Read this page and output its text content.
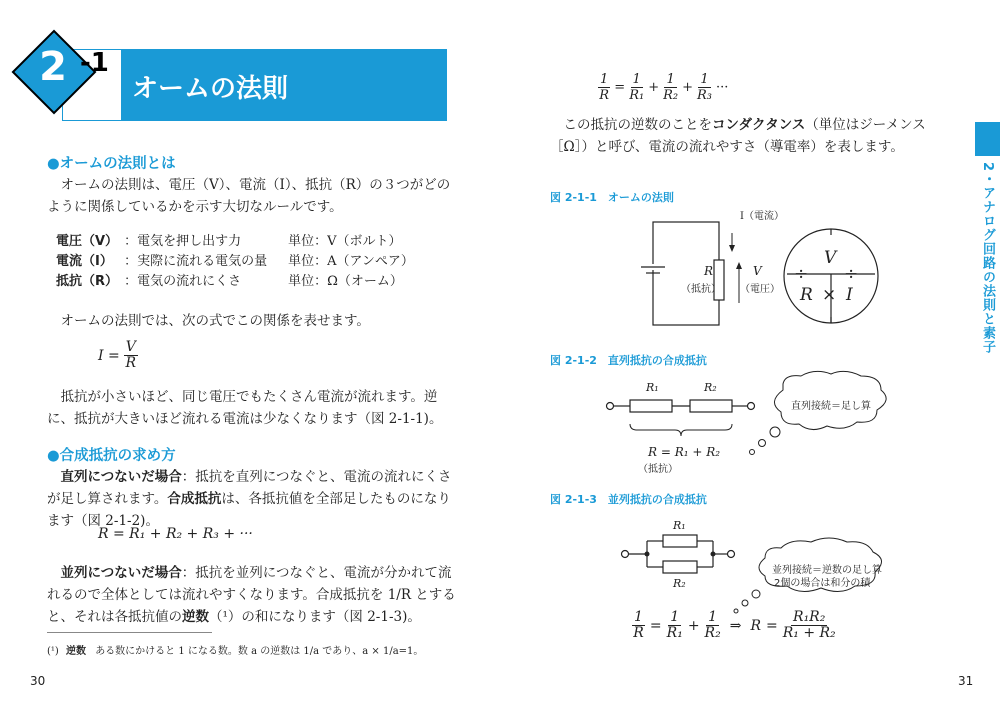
2 -1
オームの法則
●オームの法則とは
オームの法則は、電圧（V）、電流（I）、抵抗（R）の３つがどのように関係しているかを示す大切なルールです。
電圧（V）	：電気を押し出す力	単位：V（ボルト）
電流（I）	：実際に流れる電気の量	単位：A（アンペア）
抵抗（R）	：電気の流れにくさ	単位：Ω（オーム）
オームの法則では、次の式でこの関係を表せます。
$I = \frac{V}{R}$
抵抗が小さいほど、同じ電圧でもたくさん電流が流れます。逆に、抵抗が大きいほど流れる電流は少なくなります（図 2-1-1)。
●合成抵抗の求め方
直列につないだ場合：抵抗を直列につなぐと、電流の流れにくさが足し算されます。合成抵抗は、各抵抗値を全部足したものになります（図 2-1-2)。
R = R₁ + R₂ + R₃ + ···
並列につないだ場合：抵抗を並列につなぐと、電流が分かれて流れるので全体としては流れやすくなります。合成抵抗を 1/R とすると、それは各抵抗値の逆数（¹）の和になります（図 2-1-3)。
(¹) 逆数 ある数にかけると 1 になる数。数 a の逆数は 1/a であり、a × 1/a=1。
30
$\frac{1}{R} = \frac{1}{\text{R₁}} + \frac{1}{\text{R₂}} + \frac{1}{\text{R₃}}$ ···
この抵抗の逆数のことをコンダクタンス（単位はジーメンス［Ω］）と呼び、電流の流れやすさ（導電率）を表します。
2・アナログ回路の法則と素子
図 2-1-1　オームの法則
I（電流）
R
（抵抗）
V
（電圧）
V
R × I
÷ ÷
図 2-1-2　直列抵抗の合成抵抗
R₁	R₂
R = R₁ + R₂
（抵抗）
直列接続＝足し算
図 2-1-3　並列抵抗の合成抵抗
R₁
R₂
並列接続＝逆数の足し算
2個の場合は和分の積
$\frac{1}{R} = \frac{1}{\text{R₁}} + \frac{1}{\text{R₂}}$ ⇒ $R = \frac{\text{R₁R₂}}{\text{R₁ + R₂}}$
31
